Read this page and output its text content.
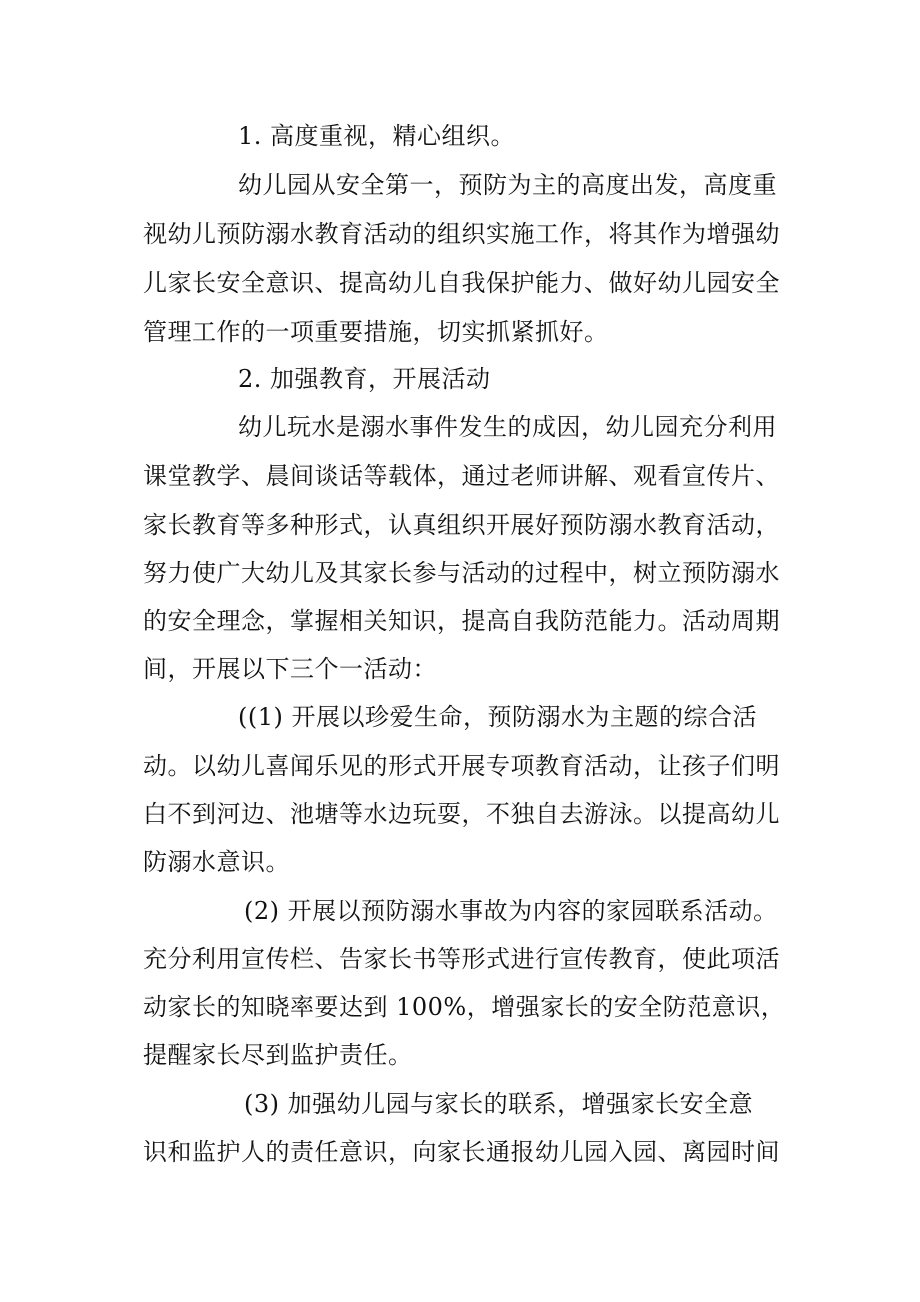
1. 高度重视，精心组织。
幼儿园从安全第一，预防为主的高度出发，高度重
视幼儿预防溺水教育活动的组织实施工作，将其作为增强幼
儿家长安全意识、提高幼儿自我保护能力、做好幼儿园安全
管理工作的一项重要措施，切实抓紧抓好。
2. 加强教育，开展活动
幼儿玩水是溺水事件发生的成因，幼儿园充分利用
课堂教学、晨间谈话等载体，通过老师讲解、观看宣传片、
家长教育等多种形式，认真组织开展好预防溺水教育活动，
努力使广大幼儿及其家长参与活动的过程中，树立预防溺水
的安全理念，掌握相关知识，提高自我防范能力。活动周期
间，开展以下三个一活动：
((1) 开展以珍爱生命，预防溺水为主题的综合活
动。以幼儿喜闻乐见的形式开展专项教育活动，让孩子们明
白不到河边、池塘等水边玩耍，不独自去游泳。以提高幼儿
防溺水意识。
(2) 开展以预防溺水事故为内容的家园联系活动。
充分利用宣传栏、告家长书等形式进行宣传教育，使此项活
动家长的知晓率要达到 100%，增强家长的安全防范意识，
提醒家长尽到监护责任。
(3) 加强幼儿园与家长的联系，增强家长安全意
识和监护人的责任意识，向家长通报幼儿园入园、离园时间
